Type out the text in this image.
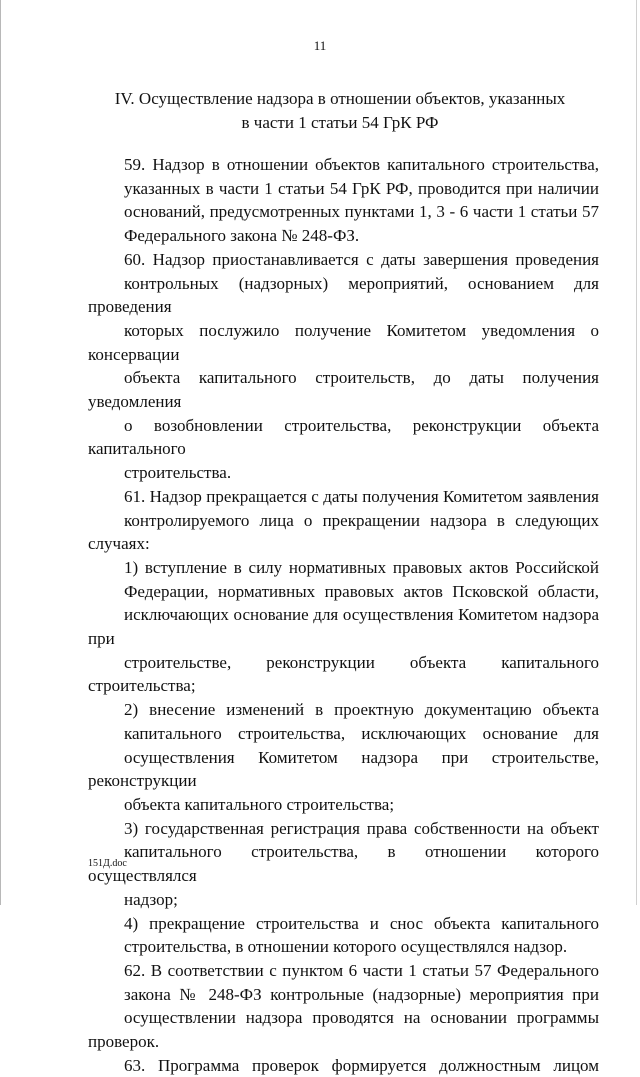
11
IV. Осуществление надзора в отношении объектов, указанных
в части 1 статьи 54 ГрК РФ

59. Надзор в отношении объектов капитального строительства,
указанных в части 1 статьи 54 ГрК РФ, проводится при наличии
оснований, предусмотренных пунктами 1, 3 - 6 части 1 статьи 57
Федерального закона № 248-ФЗ.

60. Надзор приостанавливается с даты завершения проведения
контрольных (надзорных) мероприятий, основанием для проведения
которых послужило получение Комитетом уведомления о консервации
объекта капитального строительств, до даты получения уведомления
о возобновлении строительства, реконструкции объекта капитального
строительства.

61. Надзор прекращается с даты получения Комитетом заявления
контролируемого лица о прекращении надзора в следующих случаях:

1) вступление в силу нормативных правовых актов Российской
Федерации, нормативных правовых актов Псковской области,
исключающих основание для осуществления Комитетом надзора при
строительстве, реконструкции объекта капитального строительства;

2) внесение изменений в проектную документацию объекта
капитального строительства, исключающих основание для
осуществления Комитетом надзора при строительстве, реконструкции
объекта капитального строительства;

3) государственная регистрация права собственности на объект
капитального строительства, в отношении которого осуществлялся
надзор;

4) прекращение строительства и снос объекта капитального
строительства, в отношении которого осуществлялся надзор.

62. В соответствии с пунктом 6 части 1 статьи 57 Федерального
закона № 248-ФЗ контрольные (надзорные) мероприятия при
осуществлении надзора проводятся на основании программы проверок.

63. Программа проверок формируется должностным лицом

151Д.doc
